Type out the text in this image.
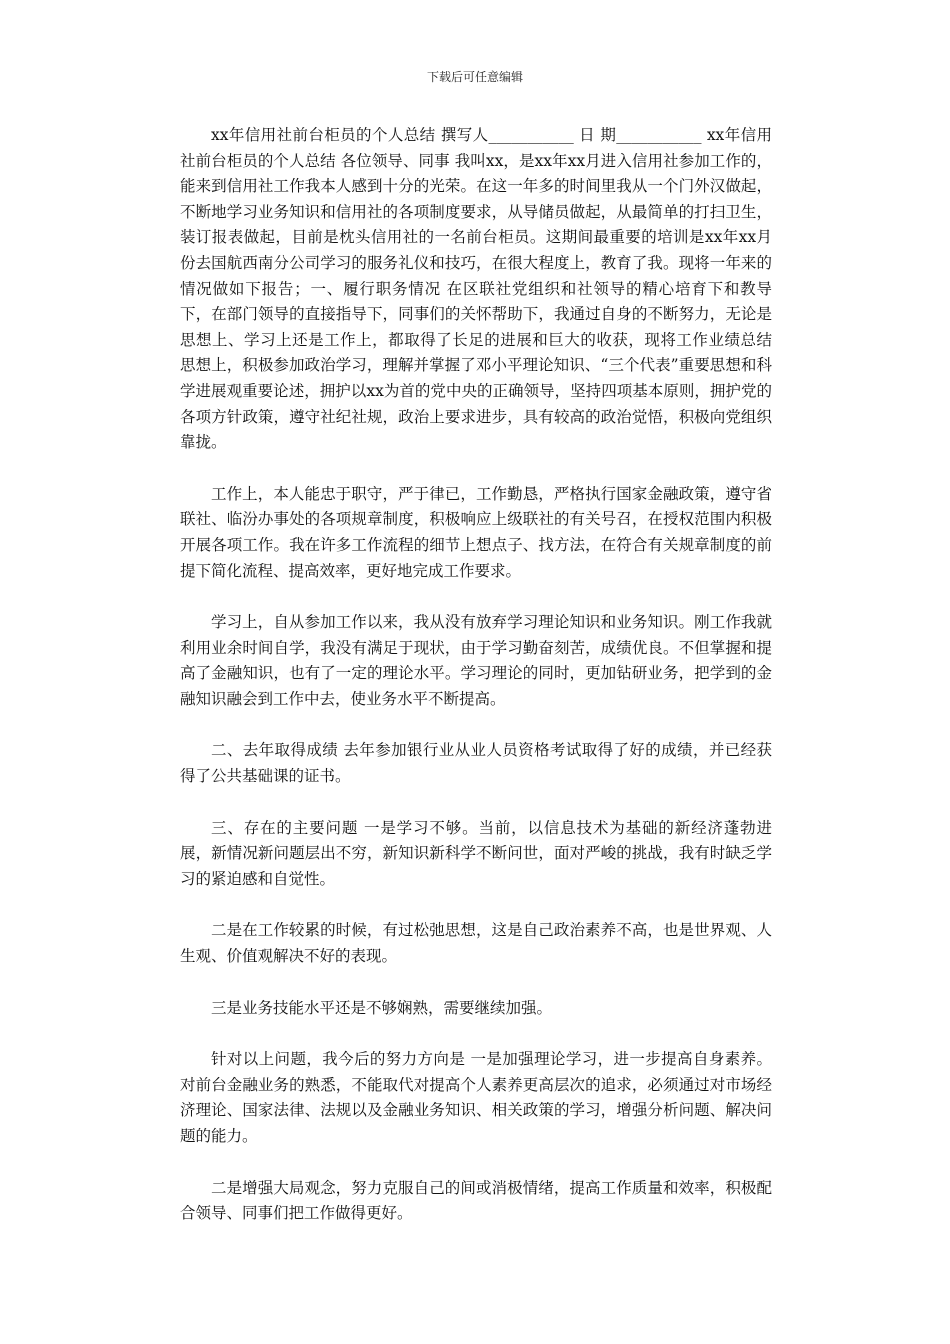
下载后可任意编辑

xx年信用社前台柜员的个人总结 撰写人___________ 日 期___________ xx年信用社前台柜员的个人总结 各位领导、同事 我叫xx，是xx年xx月进入信用社参加工作的，能来到信用社工作我本人感到十分的光荣。在这一年多的时间里我从一个门外汉做起，不断地学习业务知识和信用社的各项制度要求，从导储员做起，从最简单的打扫卫生，装订报表做起，目前是枕头信用社的一名前台柜员。这期间最重要的培训是xx年xx月份去国航西南分公司学习的服务礼仪和技巧，在很大程度上，教育了我。现将一年来的情况做如下报告；一、履行职务情况 在区联社党组织和社领导的精心培育下和教导下，在部门领导的直接指导下，同事们的关怀帮助下，我通过自身的不断努力，无论是思想上、学习上还是工作上，都取得了长足的进展和巨大的收获，现将工作业绩总结 思想上，积极参加政治学习，理解并掌握了邓小平理论知识、“三个代表”重要思想和科学进展观重要论述，拥护以xx为首的党中央的正确领导，坚持四项基本原则，拥护党的各项方针政策，遵守社纪社规，政治上要求进步，具有较高的政治觉悟，积极向党组织靠拢。

工作上，本人能忠于职守，严于律已，工作勤恳，严格执行国家金融政策，遵守省联社、临汾办事处的各项规章制度，积极响应上级联社的有关号召，在授权范围内积极开展各项工作。我在许多工作流程的细节上想点子、找方法，在符合有关规章制度的前提下简化流程、提高效率，更好地完成工作要求。

学习上，自从参加工作以来，我从没有放弃学习理论知识和业务知识。刚工作我就利用业余时间自学，我没有满足于现状，由于学习勤奋刻苦，成绩优良。不但掌握和提高了金融知识，也有了一定的理论水平。学习理论的同时，更加钻研业务，把学到的金融知识融会到工作中去，使业务水平不断提高。

二、去年取得成绩 去年参加银行业从业人员资格考试取得了好的成绩，并已经获得了公共基础课的证书。

三、存在的主要问题 一是学习不够。当前，以信息技术为基础的新经济蓬勃进展，新情况新问题层出不穷，新知识新科学不断问世，面对严峻的挑战，我有时缺乏学习的紧迫感和自觉性。

二是在工作较累的时候，有过松弛思想，这是自己政治素养不高，也是世界观、人生观、价值观解决不好的表现。

三是业务技能水平还是不够娴熟，需要继续加强。

针对以上问题，我今后的努力方向是 一是加强理论学习，进一步提高自身素养。对前台金融业务的熟悉，不能取代对提高个人素养更高层次的追求，必须通过对市场经济理论、国家法律、法规以及金融业务知识、相关政策的学习，增强分析问题、解决问题的能力。

二是增强大局观念，努力克服自己的间或消极情绪，提高工作质量和效率，积极配合领导、同事们把工作做得更好。
